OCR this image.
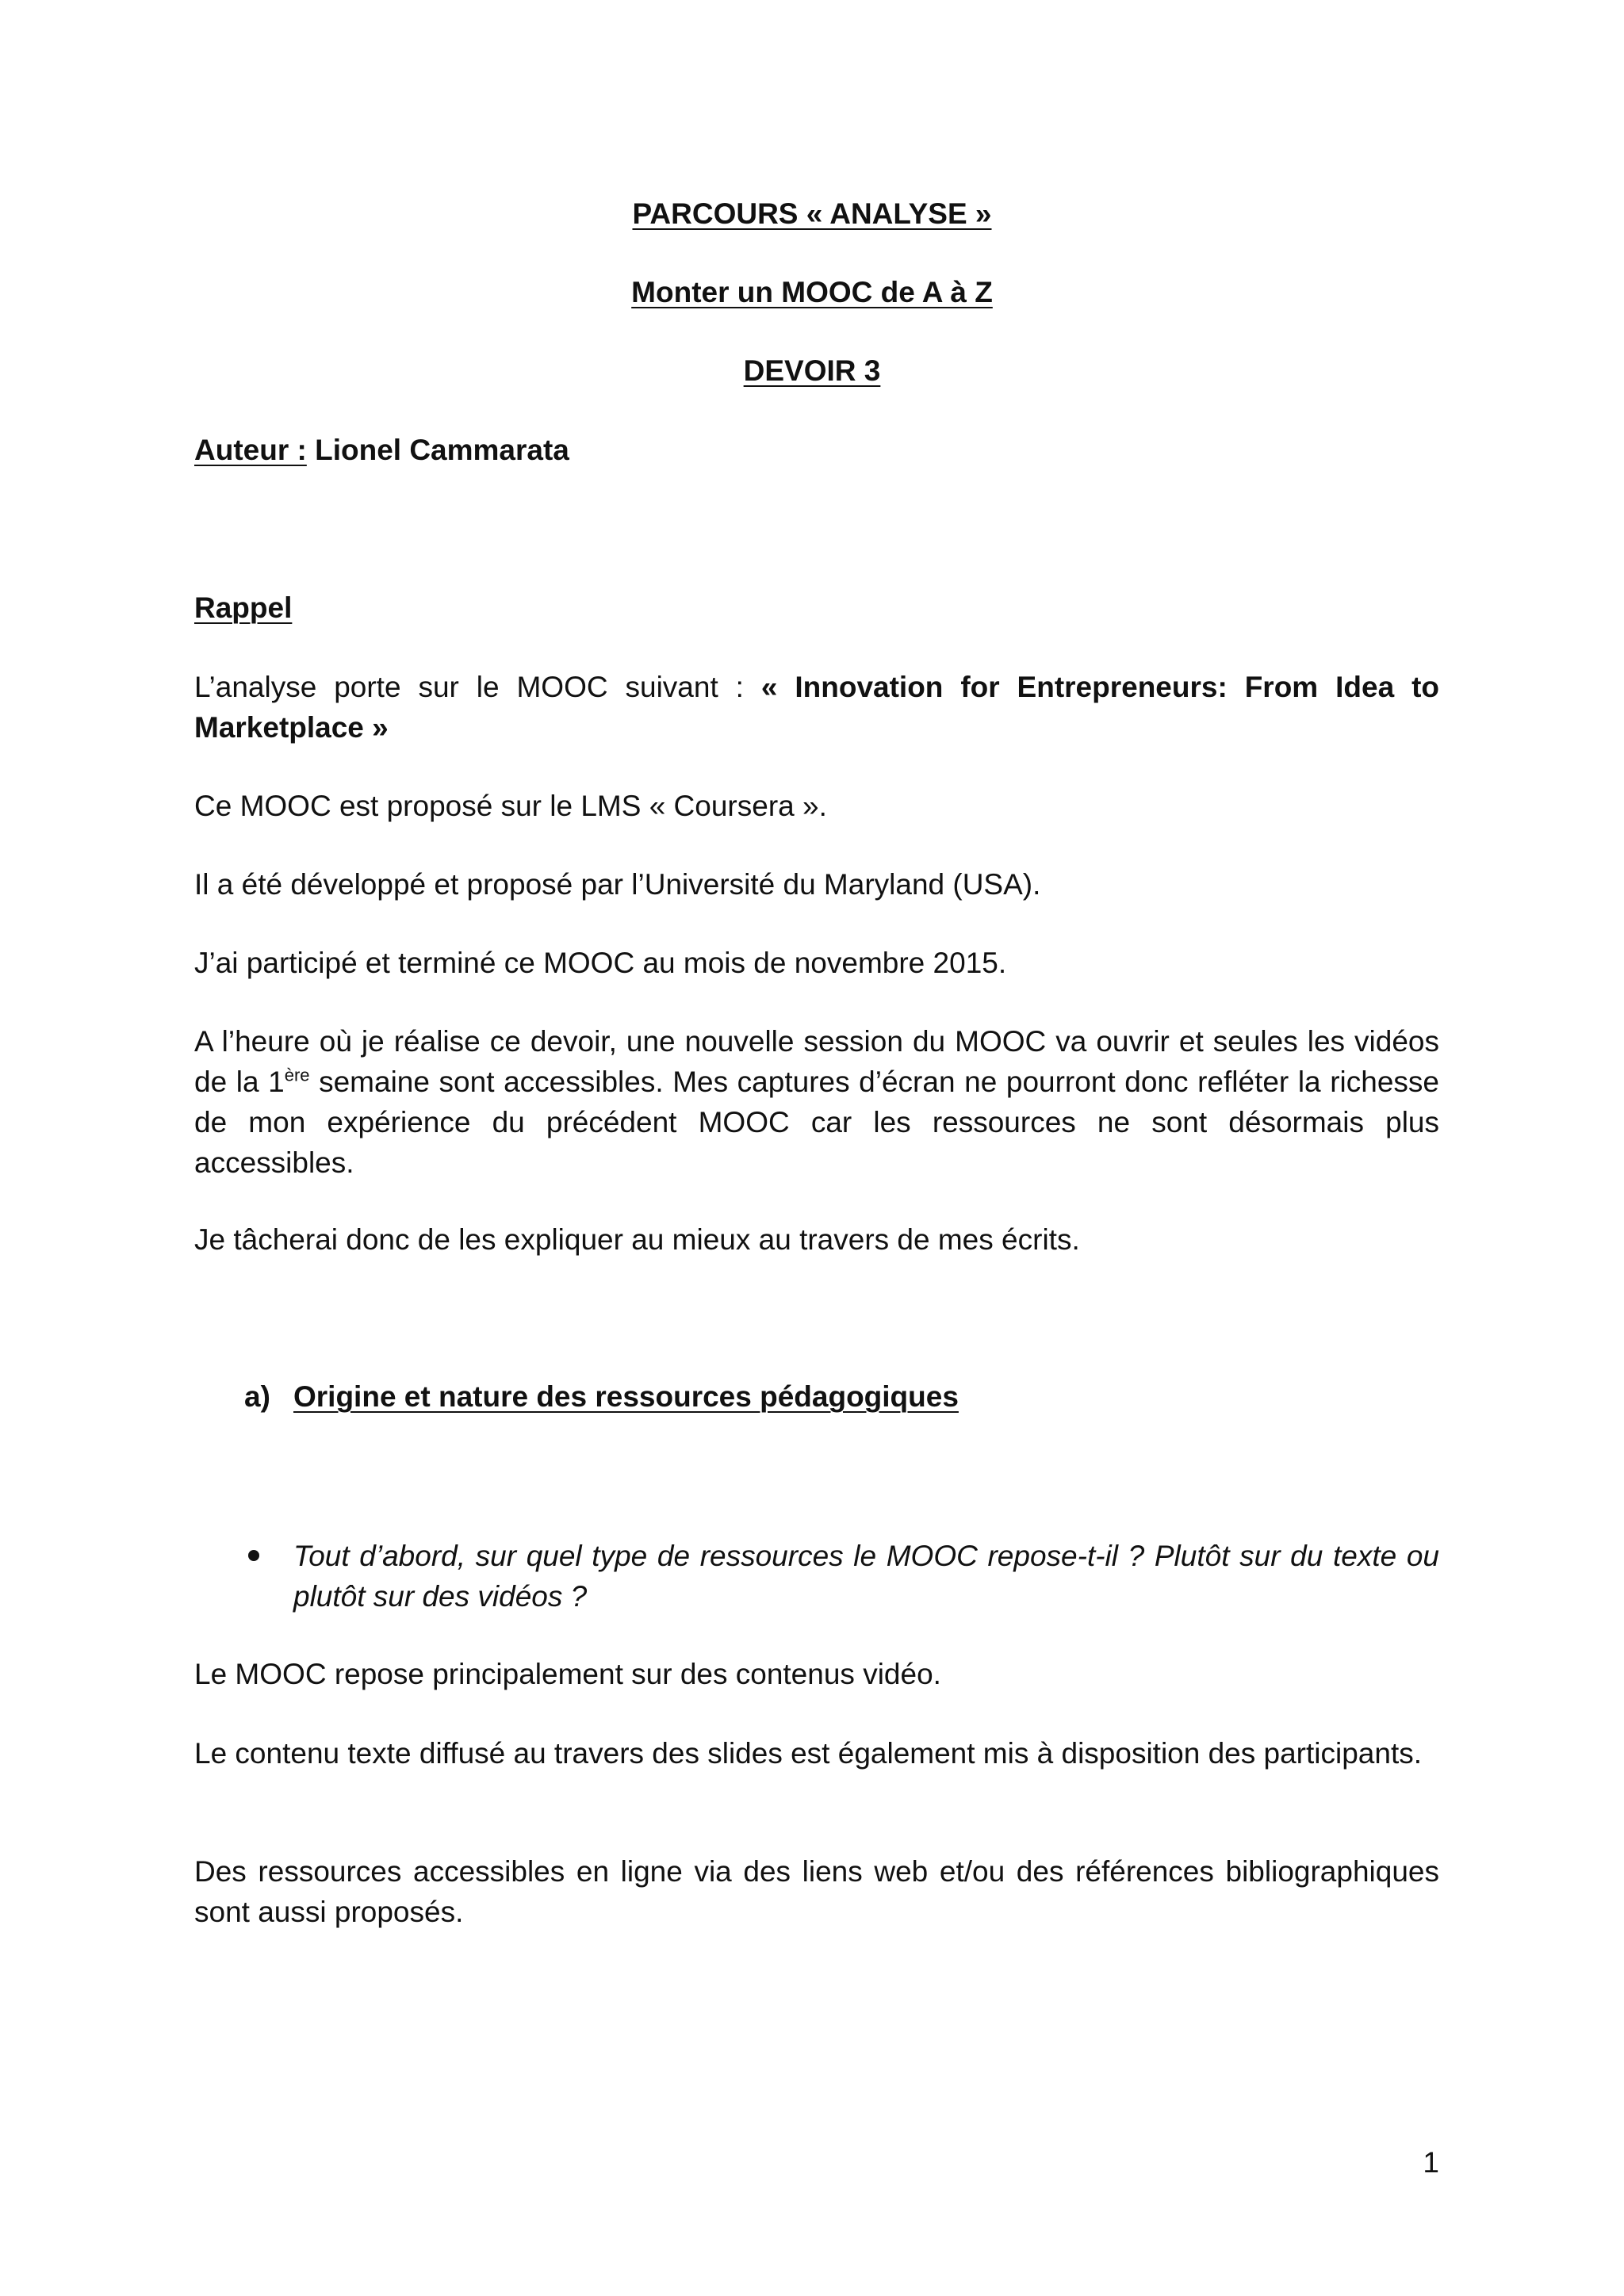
PARCOURS « ANALYSE »
Monter un MOOC de A à Z
DEVOIR 3
Auteur : Lionel Cammarata
Rappel
L’analyse porte sur le MOOC suivant : « Innovation for Entrepreneurs: From Idea to Marketplace »
Ce MOOC est proposé sur le LMS « Coursera ».
Il a été développé et proposé par l’Université du Maryland (USA).
J’ai participé et terminé ce MOOC au mois de novembre 2015.
A l’heure où je réalise ce devoir, une nouvelle session du MOOC va ouvrir et seules les vidéos de la 1ère semaine sont accessibles. Mes captures d’écran ne pourront donc refléter la richesse de mon expérience du précédent MOOC car les ressources ne sont désormais plus accessibles.
Je tâcherai donc de les expliquer au mieux au travers de mes écrits.
a) Origine et nature des ressources pédagogiques
Tout d’abord, sur quel type de ressources le MOOC repose-t-il ? Plutôt sur du texte ou plutôt sur des vidéos ?
Le MOOC repose principalement sur des contenus vidéo.
Le contenu texte diffusé au travers des slides est également mis à disposition des participants.
Des ressources accessibles en ligne via des liens web et/ou des références bibliographiques sont aussi proposés.
1
